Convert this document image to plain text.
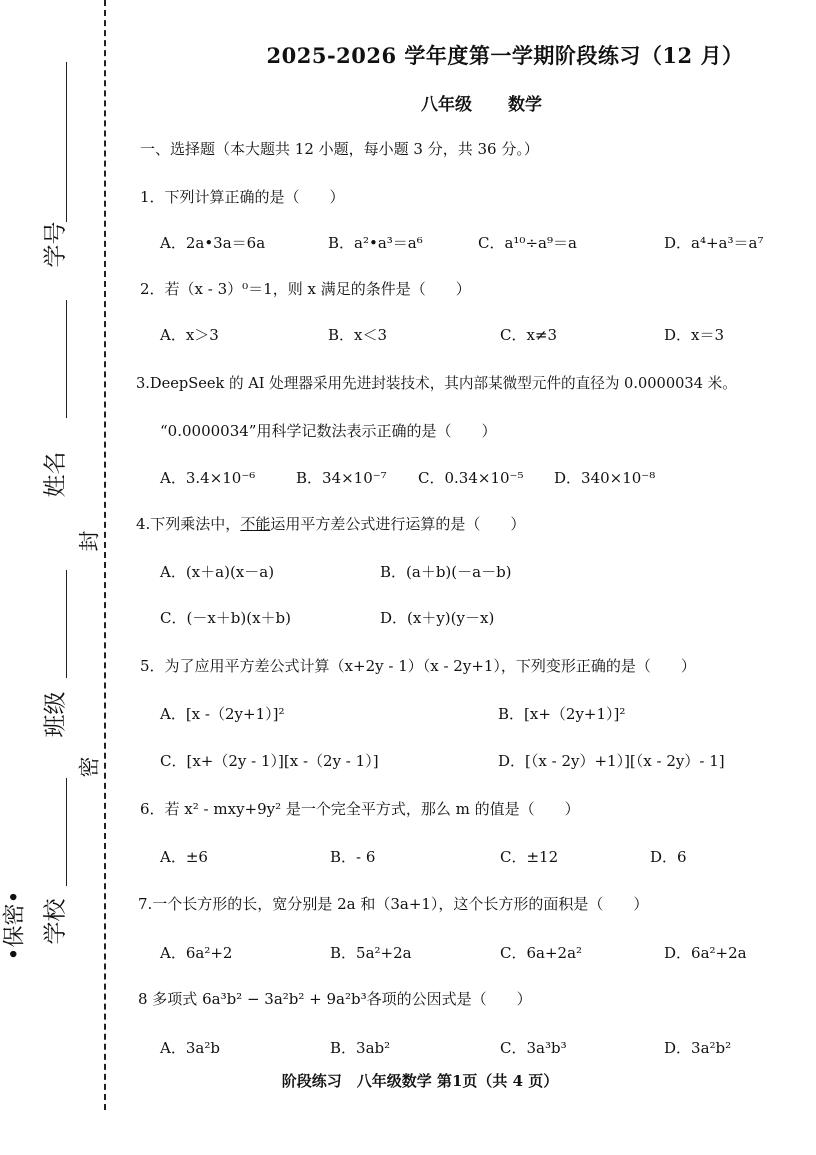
•保密• 学校
班级
姓名
学号
密
封
2025-2026 学年度第一学期阶段练习（12 月）
八年级 数学
一、选择题（本大题共 12 小题，每小题 3 分，共 36 分。）
1．下列计算正确的是（　　）
A．2a•3a＝6a	B．a²•a³＝a⁶	C．a¹⁰÷a⁹＝a	D．a⁴+a³＝a⁷
2．若（x - 3）⁰＝1，则 x 满足的条件是（　　）
A．x＞3	B．x＜3	C．x≠3	D．x＝3
3.DeepSeek 的 AI 处理器采用先进封装技术，其内部某微型元件的直径为 0.0000034 米。
“0.0000034”用科学记数法表示正确的是（　　）
A．3.4×10⁻⁶	B．34×10⁻⁷ C．0.34×10⁻⁵ D．340×10⁻⁸
4.下列乘法中，不能运用平方差公式进行运算的是（　　）
A．(x＋a)(x－a)	B．(a＋b)(－a－b)
C．(－x＋b)(x＋b)	D．(x＋y)(y－x)
5．为了应用平方差公式计算（x+2y - 1）（x - 2y+1），下列变形正确的是（　　）
A．[x -（2y+1）]²	B．[x+（2y+1）]²
C．[x+（2y - 1）][x -（2y - 1）]	D．[（x - 2y）+1）][（x - 2y）- 1]
6．若 x² - mxy+9y² 是一个完全平方式，那么 m 的值是（　　）
A．±6	B．- 6	C．±12	D．6
7.一个长方形的长，宽分别是 2a 和（3a+1），这个长方形的面积是（　　）
A．6a²+2	B．5a²+2a	C．6a+2a²	D．6a²+2a
8 多项式 6a³b² − 3a²b² + 9a²b³各项的公因式是（　　）
A．3a²b	B．3ab²	C．3a³b³	D．3a²b²
阶段练习　八年级数学 第1页（共 4 页）
